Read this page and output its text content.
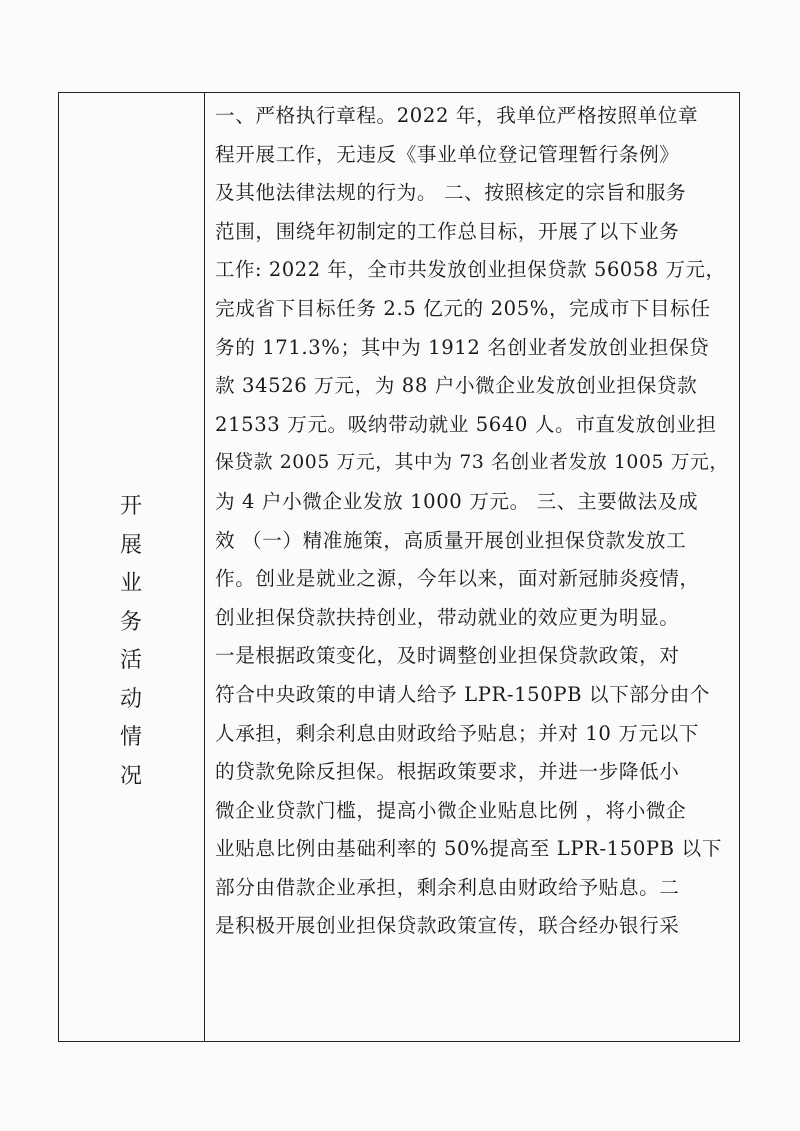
开
展
业
务
活
动
情
况
一、严格执行章程。2022 年，我单位严格按照单位章
程开展工作，无违反《事业单位登记管理暂行条例》
及其他法律法规的行为。 二、按照核定的宗旨和服务
范围，围绕年初制定的工作总目标，开展了以下业务
工作: 2022 年，全市共发放创业担保贷款 56058 万元，
完成省下目标任务 2.5 亿元的 205%，完成市下目标任
务的 171.3%；其中为 1912 名创业者发放创业担保贷
款 34526 万元，为 88 户小微企业发放创业担保贷款
21533 万元。吸纳带动就业 5640 人。市直发放创业担
保贷款 2005 万元，其中为 73 名创业者发放 1005 万元，
为 4 户小微企业发放 1000 万元。 三、主要做法及成
效 （一）精准施策，高质量开展创业担保贷款发放工
作。创业是就业之源，今年以来，面对新冠肺炎疫情，
创业担保贷款扶持创业，带动就业的效应更为明显。
一是根据政策变化，及时调整创业担保贷款政策，对
符合中央政策的申请人给予 LPR-150PB 以下部分由个
人承担，剩余利息由财政给予贴息；并对 10 万元以下
的贷款免除反担保。根据政策要求，并进一步降低小
微企业贷款门槛，提高小微企业贴息比例 ，将小微企
业贴息比例由基础利率的 50%提高至 LPR-150PB 以下
部分由借款企业承担，剩余利息由财政给予贴息。二
是积极开展创业担保贷款政策宣传，联合经办银行采
